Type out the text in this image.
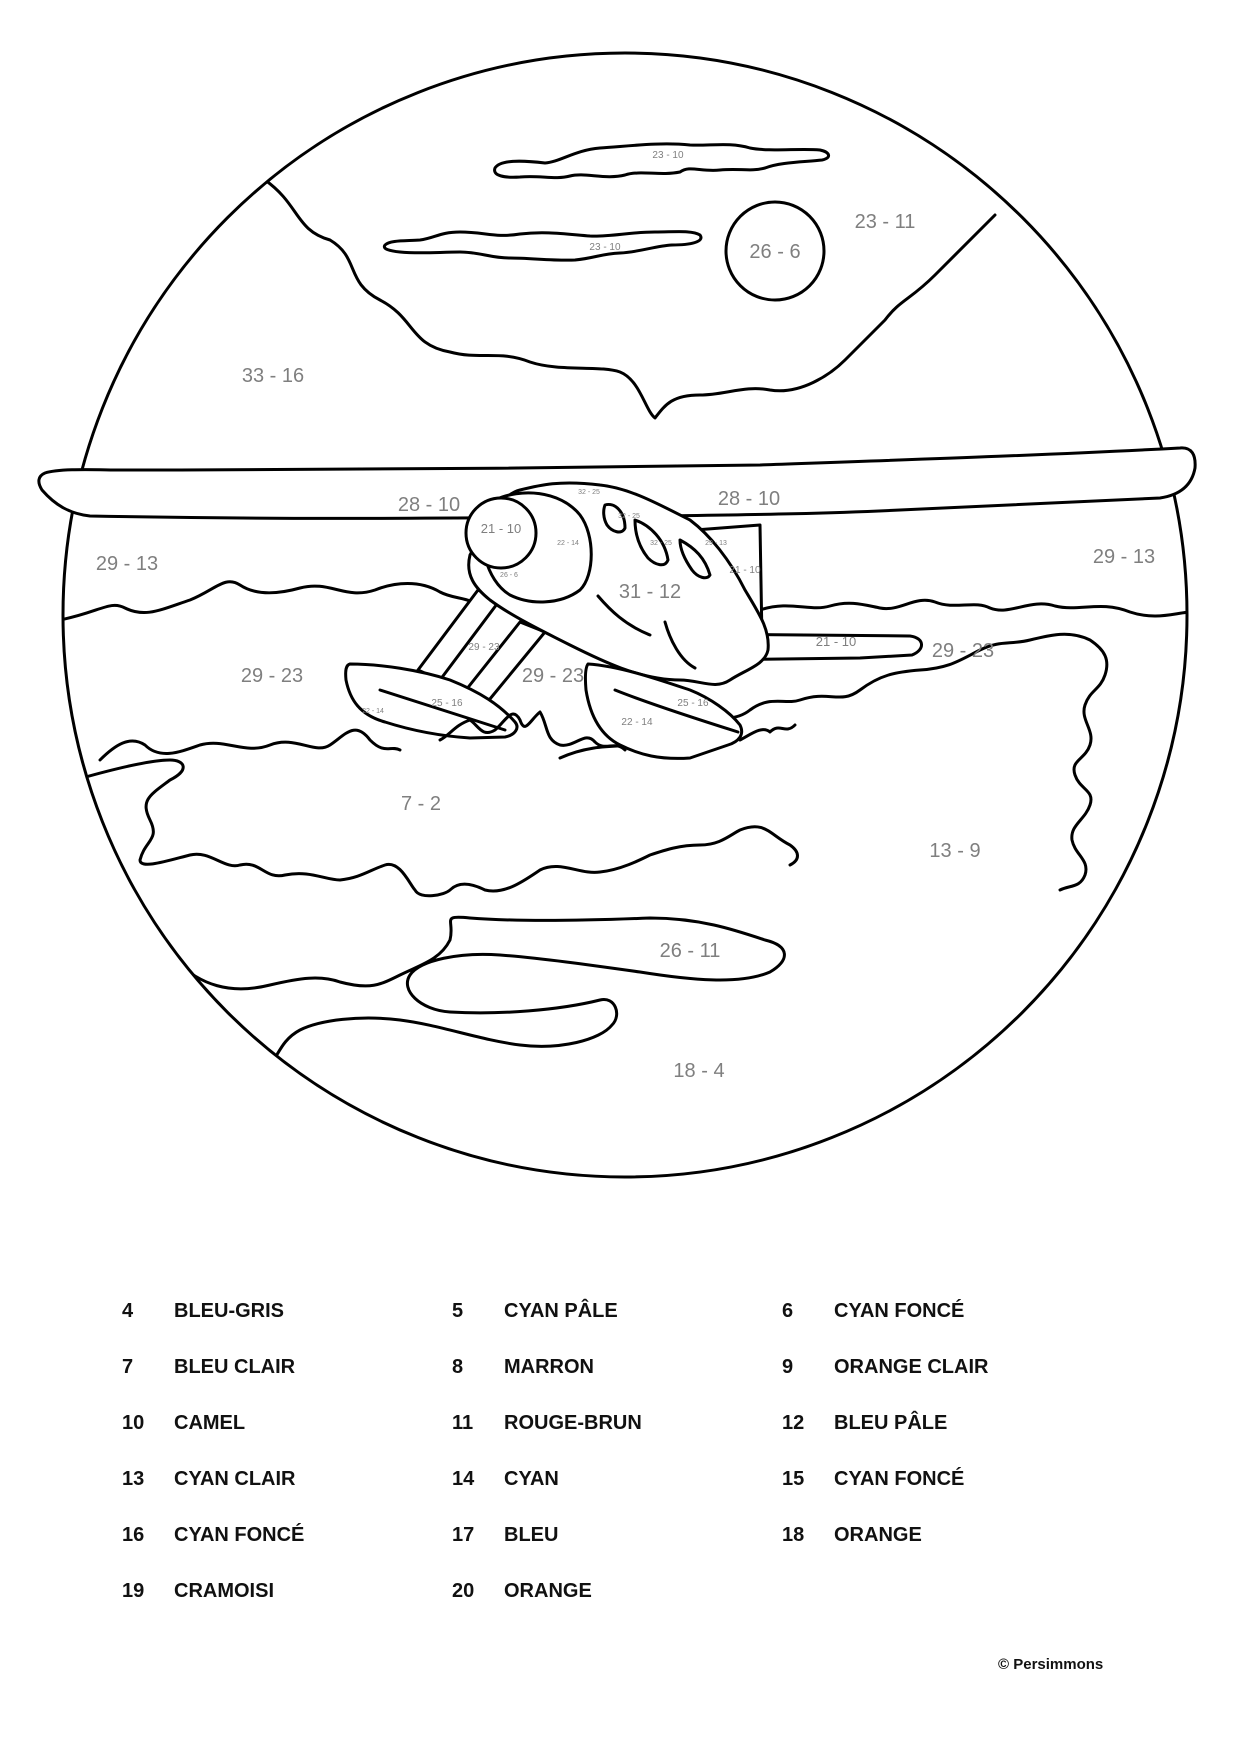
23 - 10
23 - 10	26 - 6
23 - 11
33 - 16
28 - 10	28 - 10
21 - 10
26 - 6
22 - 14
32 - 25
32 - 25
32 - 25	29 - 13
21 - 10
31 - 12
21 - 10
29 - 13	29 - 13
29 - 23	29 - 23
29 - 23
29 - 23
22 - 14
25 - 16
22 - 14
25 - 16
7 - 2
13 - 9
26 - 11
18 - 4
4 BLEU-GRIS	5 CYAN PÂLE	6 CYAN FONCÉ
7 BLEU CLAIR	8 MARRON	9 ORANGE CLAIR
10 CAMEL	11 ROUGE-BRUN	12 BLEU PÂLE
13 CYAN CLAIR	14 CYAN	15 CYAN FONCÉ
16 CYAN FONCÉ	17 BLEU	18 ORANGE
19 CRAMOISI	20 ORANGE
© Persimmons
